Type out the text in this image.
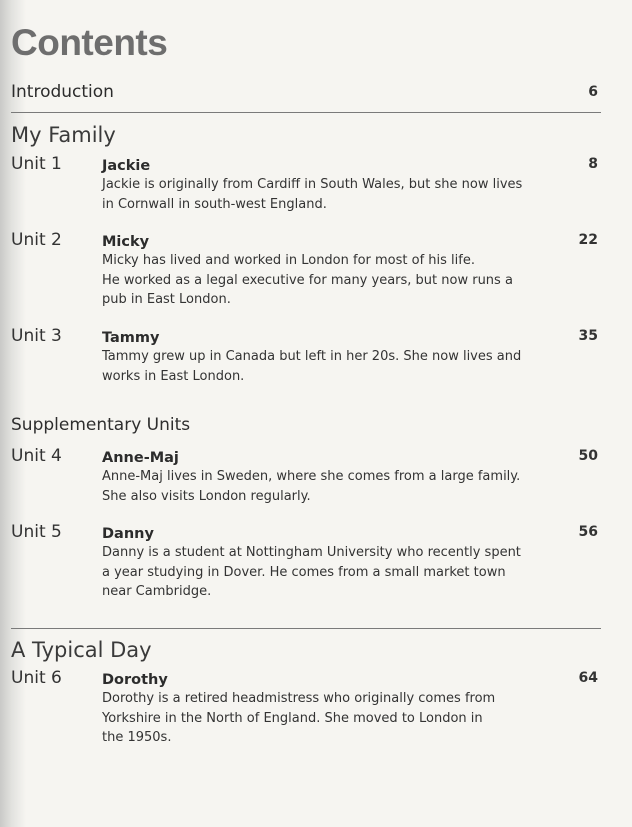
Contents
Introduction	6
My Family
Unit 1	Jackie
Jackie is originally from Cardiff in South Wales, but she now lives
in Cornwall in south-west England.
8
Unit 2	Micky
Micky has lived and worked in London for most of his life.
He worked as a legal executive for many years, but now runs a
pub in East London.
22
Unit 3	Tammy
Tammy grew up in Canada but left in her 20s. She now lives and
works in East London.
35
Supplementary Units
Unit 4	Anne-Maj
Anne-Maj lives in Sweden, where she comes from a large family.
She also visits London regularly.
50
Unit 5	Danny
Danny is a student at Nottingham University who recently spent
a year studying in Dover. He comes from a small market town
near Cambridge.
56
A Typical Day
Unit 6	Dorothy
Dorothy is a retired headmistress who originally comes from
Yorkshire in the North of England. She moved to London in
the 1950s.
64
